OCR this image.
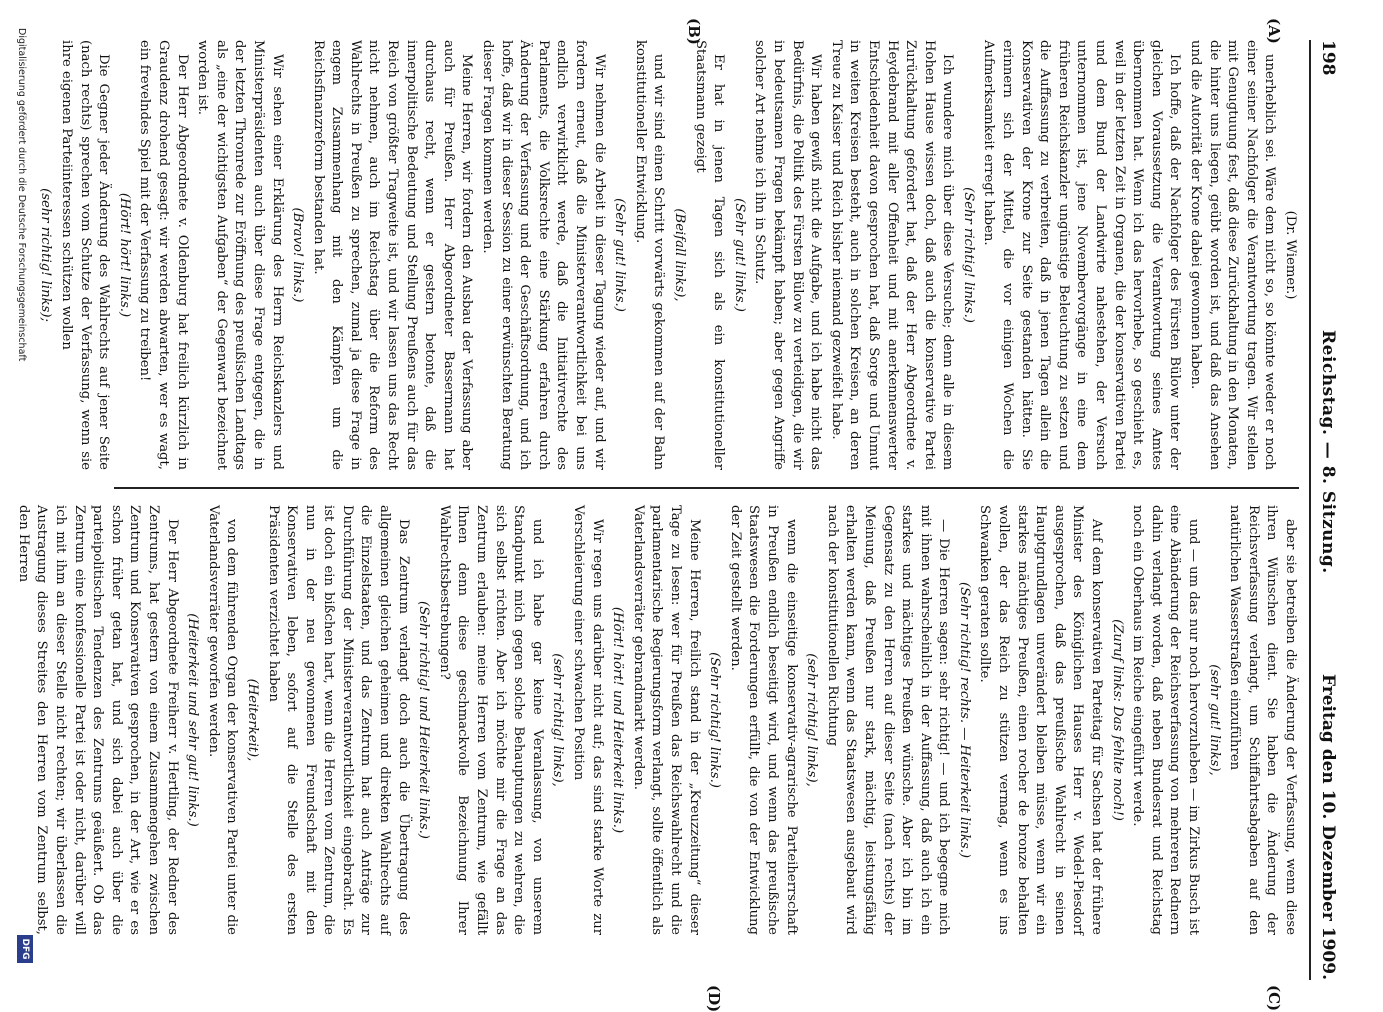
198
Reichstag. — 8. Sitzung.
Freitag den 10. Dezember 1909.
(A)
(B)
(C)
(D)

(Dr. Wiemer.)

unerheblich sei. Wäre dem nicht so, so könnte weder er noch einer seiner Nachfolger die Verantwortung tragen. Wir stellen mit Genugtuung fest, daß diese Zurückhaltung in den Monaten, die hinter uns liegen, geübt worden ist, und daß das Ansehen und die Autorität der Krone dabei gewonnen haben.

Ich hoffe, daß der Nachfolger des Fürsten Bülow unter der gleichen Voraussetzung die Verantwortung seines Amtes übernommen hat. Wenn ich das hervorhebe, so geschieht es, weil in der letzten Zeit in Organen, die der konservativen Partei und dem Bund der Landwirte nahestehen, der Versuch unternommen ist, jene Novembervorgänge in eine dem früheren Reichskanzler ungünstige Beleuchtung zu setzen und die Auffassung zu verbreiten, daß in jenen Tagen allein die Konservativen der Krone zur Seite gestanden hätten. Sie erinnern sich der Mittel, die vor einigen Wochen die Aufmerksamkeit erregt haben.

(Sehr richtig! links.)

Ich wundere mich über diese Versuche; denn alle in diesem Hohen Hause wissen doch, daß auch die konservative Partei Zurückhaltung gefordert hat, daß der Herr Abgeordnete v. Heydebrand mit aller Offenheit und mit anerkennenswerter Entschiedenheit davon gesprochen hat, daß Sorge und Unmut in weiten Kreisen besteht, auch in solchen Kreisen, an deren Treue zu Kaiser und Reich bisher niemand gezweifelt habe.

Wir haben gewiß nicht die Aufgabe, und ich habe nicht das Bedürfnis, die Politik des Fürsten Bülow zu verteidigen, die wir in bedeutsamen Fragen bekämpft haben; aber gegen Angriffe solcher Art nehme ich ihn in Schutz.

(Sehr gut! links.)

Er hat in jenen Tagen sich als ein konstitutioneller Staatsmann gezeigt

(Beifall links),

und wir sind einen Schritt vorwärts gekommen auf der Bahn konstitutioneller Entwicklung.

(Sehr gut! links.)

Wir nehmen die Arbeit in dieser Tagung wieder auf, und wir fordern erneut, daß die Ministerverantwortlichkeit bei uns endlich verwirklicht werde, daß die Initiativrechte des Parlaments, die Volksrechte eine Stärkung erfahren durch Änderung der Verfassung und der Geschäftsordnung, und ich hoffe, daß wir in dieser Session zu einer erwünschten Beratung dieser Fragen kommen werden.

Meine Herren, wir fordern den Ausbau der Verfassung aber auch für Preußen. Herr Abgeordneter Bassermann hat durchaus recht, wenn er gestern betonte, daß die innerpolitische Bedeutung und Stellung Preußens auch für das Reich von größter Tragweite ist, und wir lassen uns das Recht nicht nehmen, auch im Reichstag über die Reform des Wahlrechts in Preußen zu sprechen, zumal ja diese Frage in engem Zusammenhang mit den Kämpfen um die Reichsfinanzreform bestanden hat.

(Bravo! links.)

Wir sehen einer Erklärung des Herrn Reichskanzlers und Ministerpräsidenten auch über diese Frage entgegen, die in der letzten Thronrede zur Eröffnung des preußischen Landtags als „eine der wichtigsten Aufgaben“ der Gegenwart bezeichnet worden ist.

Der Herr Abgeordnete v. Oldenburg hat freilich kürzlich in Graudenz drohend gesagt: wir werden abwarten, wer es wagt, ein frevelndes Spiel mit der Verfassung zu treiben!

(Hört! hört! links.)

Die Gegner jeder Änderung des Wahlrechts auf jener Seite (nach rechts) sprechen vom Schutze der Verfassung, wenn sie ihre eigenen Parteiinteressen schützen wollen

(sehr richtig! links);

aber sie betreiben die Änderung der Verfassung, wenn diese ihren Wünschen dient. Sie haben die Änderung der Reichsverfassung verlangt, um Schiffahrtsabgaben auf den natürlichen Wasserstraßen einzuführen

(sehr gut! links),

und — um das nur noch hervorzuheben — im Zirkus Busch ist eine Abänderung der Reichsverfassung von mehreren Rednern dahin verlangt worden, daß neben Bundesrat und Reichstag noch ein Oberhaus im Reiche eingeführt werde.

(Zuruf links: Das fehlte noch!)

Auf dem konservativen Parteitag für Sachsen hat der frühere Minister des Königlichen Hauses Herr v. Wedel-Piesdorf ausgesprochen, daß das preußische Wahlrecht in seinen Hauptgrundlagen unverändert bleiben müsse, wenn wir ein starkes mächtiges Preußen, einen rocher de bronze behalten wollen, der das Reich zu stützen vermag, wenn es ins Schwanken geraten sollte.

(Sehr richtig! rechts. — Heiterkeit links.)

— Die Herren sagen: sehr richtig! — und ich begegne mich mit ihnen wahrscheinlich in der Auffassung, daß auch ich ein starkes und mächtiges Preußen wünsche. Aber ich bin im Gegensatz zu den Herren auf dieser Seite (nach rechts) der Meinung, daß Preußen nur stark, mächtig, leistungsfähig erhalten werden kann, wenn das Staatswesen ausgebaut wird nach der konstitutionellen Richtung

(sehr richtig! links),

wenn die einseitige konservativ-agrarische Parteiherrschaft in Preußen endlich beseitigt wird, und wenn das preußische Staatswesen die Forderungen erfüllt, die von der Entwicklung der Zeit gestellt werden.

(Sehr richtig! links.)

Meine Herren, freilich stand in der „Kreuzzeitung“ dieser Tage zu lesen: wer für Preußen das Reichswahlrecht und die parlamentarische Regierungsform verlangt, sollte öffentlich als Vaterlandsverräter gebrandmarkt werden.

(Hört! hört! und Heiterkeit links.)

Wir regen uns darüber nicht auf; das sind starke Worte zur Verschleierung einer schwachen Position

(sehr richtig! links),

und ich habe gar keine Veranlassung, von unserem Standpunkt mich gegen solche Behauptungen zu wehren, die sich selbst richten. Aber ich möchte mir die Frage an das Zentrum erlauben: meine Herren vom Zentrum, wie gefällt Ihnen denn diese geschmackvolle Bezeichnung Ihrer Wahlrechtsbestrebungen?

(Sehr richtig! und Heiterkeit links.)

Das Zentrum verlangt doch auch die Übertragung des allgemeinen gleichen geheimen und direkten Wahlrechts auf die Einzelstaaten, und das Zentrum hat auch Anträge zur Durchführung der Ministerverantwortlichkeit eingebracht. Es ist doch ein bißchen hart, wenn die Herren vom Zentrum, die nun in der neu gewonnenen Freundschaft mit den Konservativen leben, sofort auf die Stelle des ersten Präsidenten verzichtet haben

(Heiterkeit),

von dem führenden Organ der konservativen Partei unter die Vaterlandsverräter geworfen werden.

(Heiterkeit und sehr gut! links.)

Der Herr Abgeordnete Freiherr v. Hertling, der Redner des Zentrums, hat gestern von einem Zusammengehen zwischen Zentrum und Konservativen gesprochen, in der Art, wie er es schon früher getan hat, und sich dabei auch über die parteipolitischen Tendenzen des Zentrums geäußert. Ob das Zentrum eine konfessionelle Partei ist oder nicht, darüber will ich mit ihm an dieser Stelle nicht rechten; wir überlassen die Austragung dieses Streites den Herren vom Zentrum selbst, den Herren

Digitalisierung gefördert durch die Deutsche Forschungsgemeinschaft
DFG
